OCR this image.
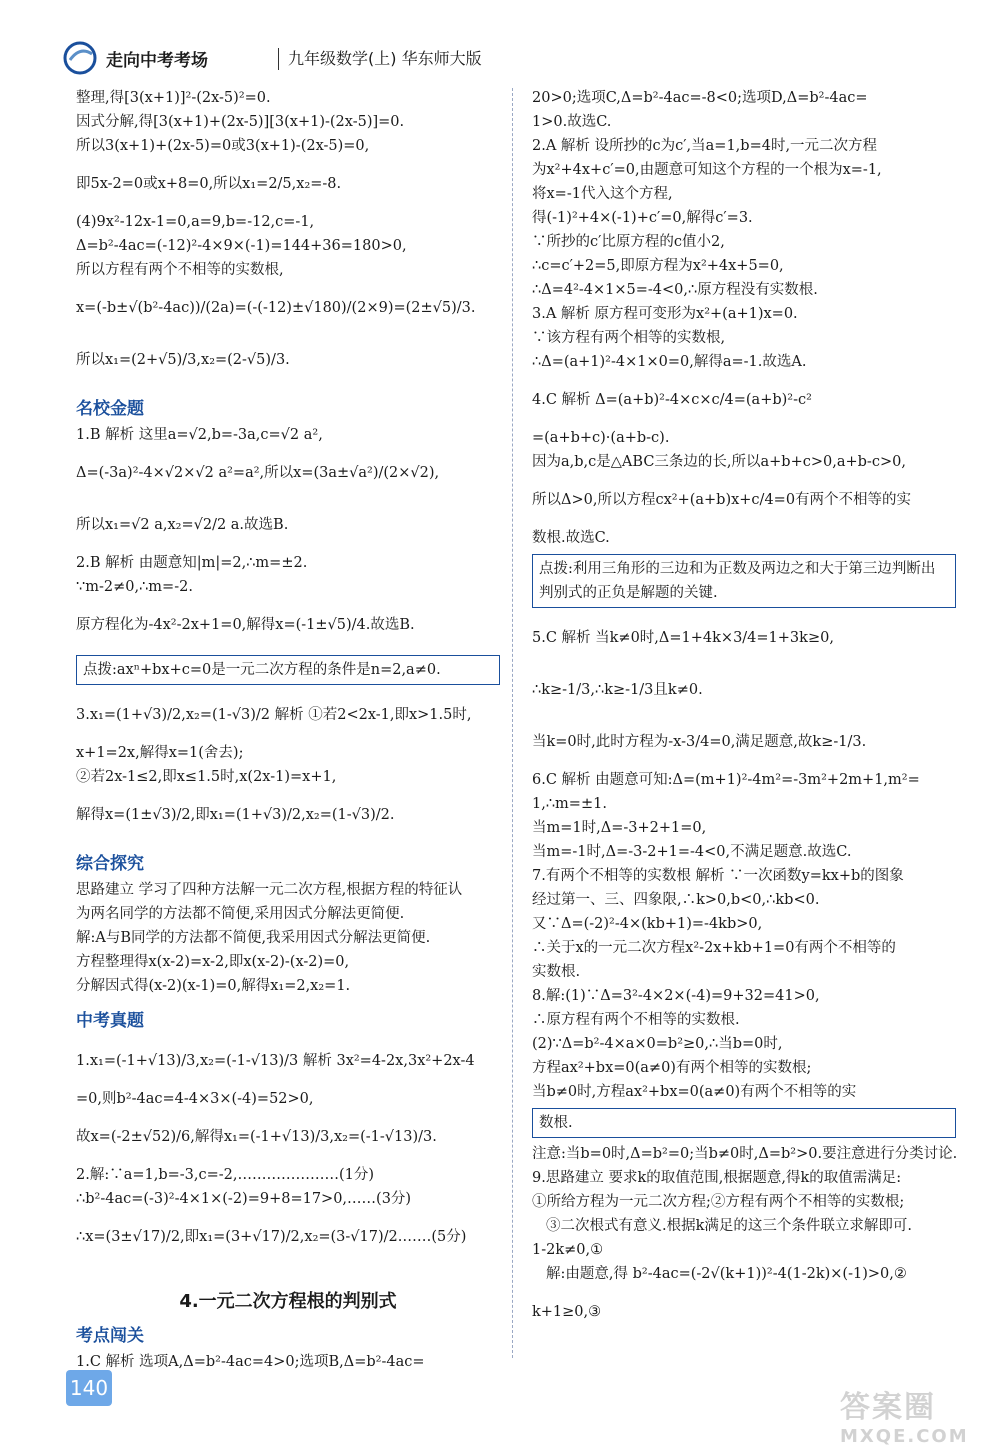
走向中考考场	九年级数学(上) 华东师大版

整理,得[3(x+1)]²-(2x-5)²=0.

因式分解,得[3(x+1)+(2x-5)][3(x+1)-(2x-5)]=0.

所以3(x+1)+(2x-5)=0或3(x+1)-(2x-5)=0,

即5x-2=0或x+8=0,所以x₁=2/5,x₂=-8.

(4)9x²-12x-1=0,a=9,b=-12,c=-1,

Δ=b²-4ac=(-12)²-4×9×(-1)=144+36=180>0,

所以方程有两个不相等的实数根,

x=(-b±√(b²-4ac))/(2a)=(-(-12)±√180)/(2×9)=(2±√5)/3.

所以x₁=(2+√5)/3,x₂=(2-√5)/3.

名校金题

1.B 解析 这里a=√2,b=-3a,c=√2 a²,

Δ=(-3a)²-4×√2×√2 a²=a²,所以x=(3a±√a²)/(2×√2),

所以x₁=√2 a,x₂=√2/2 a.故选B.

2.B 解析 由题意知|m|=2,∴m=±2.

∵m-2≠0,∴m=-2.

原方程化为-4x²-2x+1=0,解得x=(-1±√5)/4.故选B.

点拨:axⁿ+bx+c=0是一元二次方程的条件是n=2,a≠0.

3.x₁=(1+√3)/2,x₂=(1-√3)/2 解析 ①若2<2x-1,即x>1.5时,

x+1=2x,解得x=1(舍去);

②若2x-1≤2,即x≤1.5时,x(2x-1)=x+1,

解得x=(1±√3)/2,即x₁=(1+√3)/2,x₂=(1-√3)/2.

综合探究

思路建立 学习了四种方法解一元二次方程,根据方程的特征认

为两名同学的方法都不简便,采用因式分解法更简便.

解:A与B同学的方法都不简便,我采用因式分解法更简便.

方程整理得x(x-2)=x-2,即x(x-2)-(x-2)=0,

分解因式得(x-2)(x-1)=0,解得x₁=2,x₂=1.

中考真题

1.x₁=(-1+√13)/3,x₂=(-1-√13)/3 解析 3x²=4-2x,3x²+2x-4

=0,则b²-4ac=4-4×3×(-4)=52>0,

故x=(-2±√52)/6,解得x₁=(-1+√13)/3,x₂=(-1-√13)/3.

2.解:∵a=1,b=-3,c=-2,…………………(1分)

∴b²-4ac=(-3)²-4×1×(-2)=9+8=17>0,……(3分)

∴x=(3±√17)/2,即x₁=(3+√17)/2,x₂=(3-√17)/2.……(5分)

4.一元二次方程根的判别式
考点闯关

1.C 解析 选项A,Δ=b²-4ac=4>0;选项B,Δ=b²-4ac=

20>0;选项C,Δ=b²-4ac=-8<0;选项D,Δ=b²-4ac=

1>0.故选C.

2.A 解析 设所抄的c为c′,当a=1,b=4时,一元二次方程

为x²+4x+c′=0,由题意可知这个方程的一个根为x=-1,

将x=-1代入这个方程,

得(-1)²+4×(-1)+c′=0,解得c′=3.

∵所抄的c′比原方程的c值小2,

∴c=c′+2=5,即原方程为x²+4x+5=0,

∴Δ=4²-4×1×5=-4<0,∴原方程没有实数根.

3.A 解析 原方程可变形为x²+(a+1)x=0.

∵该方程有两个相等的实数根,

∴Δ=(a+1)²-4×1×0=0,解得a=-1.故选A.

4.C 解析 Δ=(a+b)²-4×c×c/4=(a+b)²-c²

=(a+b+c)·(a+b-c).

因为a,b,c是△ABC三条边的长,所以a+b+c>0,a+b-c>0,

所以Δ>0,所以方程cx²+(a+b)x+c/4=0有两个不相等的实

数根.故选C.

点拨:利用三角形的三边和为正数及两边之和大于第三边判断出判别式的正负是解题的关键.

5.C 解析 当k≠0时,Δ=1+4k×3/4=1+3k≥0,

∴k≥-1/3,∴k≥-1/3且k≠0.

当k=0时,此时方程为-x-3/4=0,满足题意,故k≥-1/3.

6.C 解析 由题意可知:Δ=(m+1)²-4m²=-3m²+2m+1,m²=

1,∴m=±1.

当m=1时,Δ=-3+2+1=0,

当m=-1时,Δ=-3-2+1=-4<0,不满足题意.故选C.

7.有两个不相等的实数根 解析 ∵一次函数y=kx+b的图象

经过第一、三、四象限,∴k>0,b<0,∴kb<0.

又∵Δ=(-2)²-4×(kb+1)=-4kb>0,

∴关于x的一元二次方程x²-2x+kb+1=0有两个不相等的

实数根.

8.解:(1)∵Δ=3²-4×2×(-4)=9+32=41>0,

∴原方程有两个不相等的实数根.

(2)∵Δ=b²-4×a×0=b²≥0,∴当b=0时,

方程ax²+bx=0(a≠0)有两个相等的实数根;

当b≠0时,方程ax²+bx=0(a≠0)有两个不相等的实

数根.

注意:当b=0时,Δ=b²=0;当b≠0时,Δ=b²>0.要注意进行分类讨论.

9.思路建立 要求k的取值范围,根据题意,得k的取值需满足:

①所给方程为一元二次方程;②方程有两个不相等的实数根;

③二次根式有意义.根据k满足的这三个条件联立求解即可.

1-2k≠0,①

解:由题意,得 b²-4ac=(-2√(k+1))²-4(1-2k)×(-1)>0,②

k+1≥0,③

140
答案圈
MXQE.COM
